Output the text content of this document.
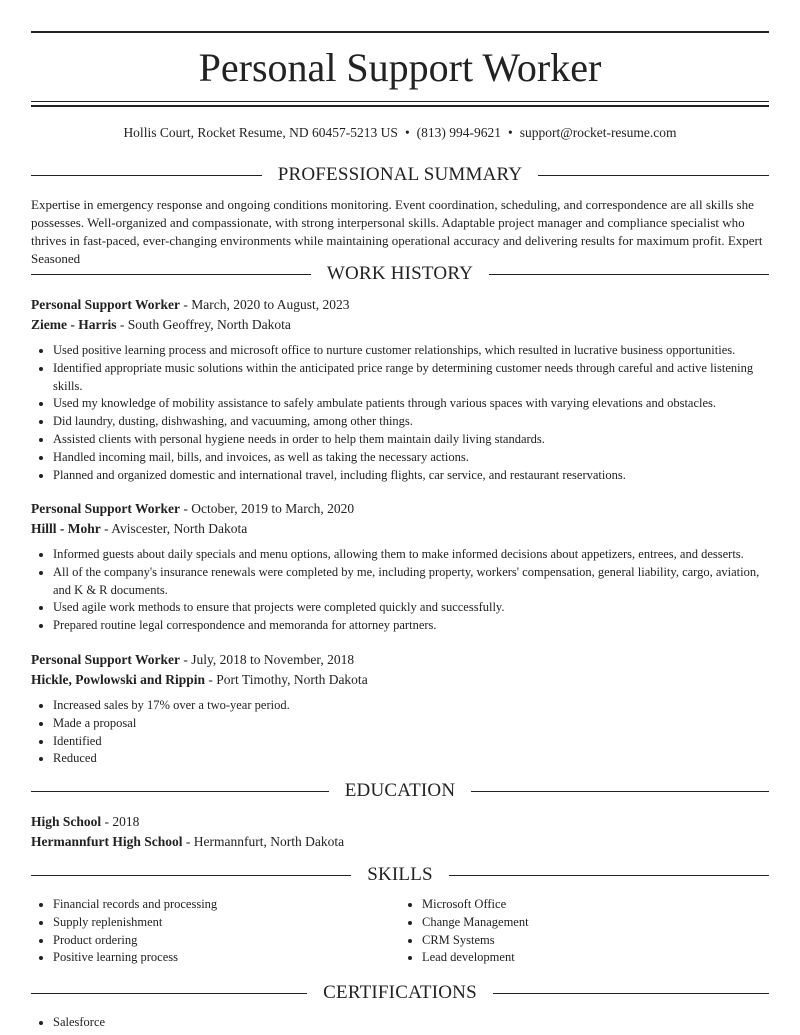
Personal Support Worker
Hollis Court, Rocket Resume, ND 60457-5213 US • (813) 994-9621 • support@rocket-resume.com
PROFESSIONAL SUMMARY

Expertise in emergency response and ongoing conditions monitoring. Event coordination, scheduling, and correspondence are all skills she possesses. Well-organized and compassionate, with strong interpersonal skills. Adaptable project manager and compliance specialist who thrives in fast-paced, ever-changing environments while maintaining operational accuracy and delivering results for maximum profit. Expert Seasoned

WORK HISTORY
Personal Support Worker - March, 2020 to August, 2023
Zieme - Harris - South Geoffrey, North Dakota
• Used positive learning process and microsoft office to nurture customer relationships, which resulted in lucrative business opportunities.
• Identified appropriate music solutions within the anticipated price range by determining customer needs through careful and active listening skills.
• Used my knowledge of mobility assistance to safely ambulate patients through various spaces with varying elevations and obstacles.
• Did laundry, dusting, dishwashing, and vacuuming, among other things.
• Assisted clients with personal hygiene needs in order to help them maintain daily living standards.
• Handled incoming mail, bills, and invoices, as well as taking the necessary actions.
• Planned and organized domestic and international travel, including flights, car service, and restaurant reservations.
Personal Support Worker - October, 2019 to March, 2020
Hilll - Mohr - Aviscester, North Dakota
• Informed guests about daily specials and menu options, allowing them to make informed decisions about appetizers, entrees, and desserts.
• All of the company's insurance renewals were completed by me, including property, workers' compensation, general liability, cargo, aviation, and K & R documents.
• Used agile work methods to ensure that projects were completed quickly and successfully.
• Prepared routine legal correspondence and memoranda for attorney partners.
Personal Support Worker - July, 2018 to November, 2018
Hickle, Powlowski and Rippin - Port Timothy, North Dakota
• Increased sales by 17% over a two-year period.
• Made a proposal
• Identified
• Reduced
EDUCATION
High School - 2018
Hermannfurt High School - Hermannfurt, North Dakota
SKILLS
• Financial records and processing
• Supply replenishment
• Product ordering
• Positive learning process
• Microsoft Office
• Change Management
• CRM Systems
• Lead development
CERTIFICATIONS
• Salesforce
